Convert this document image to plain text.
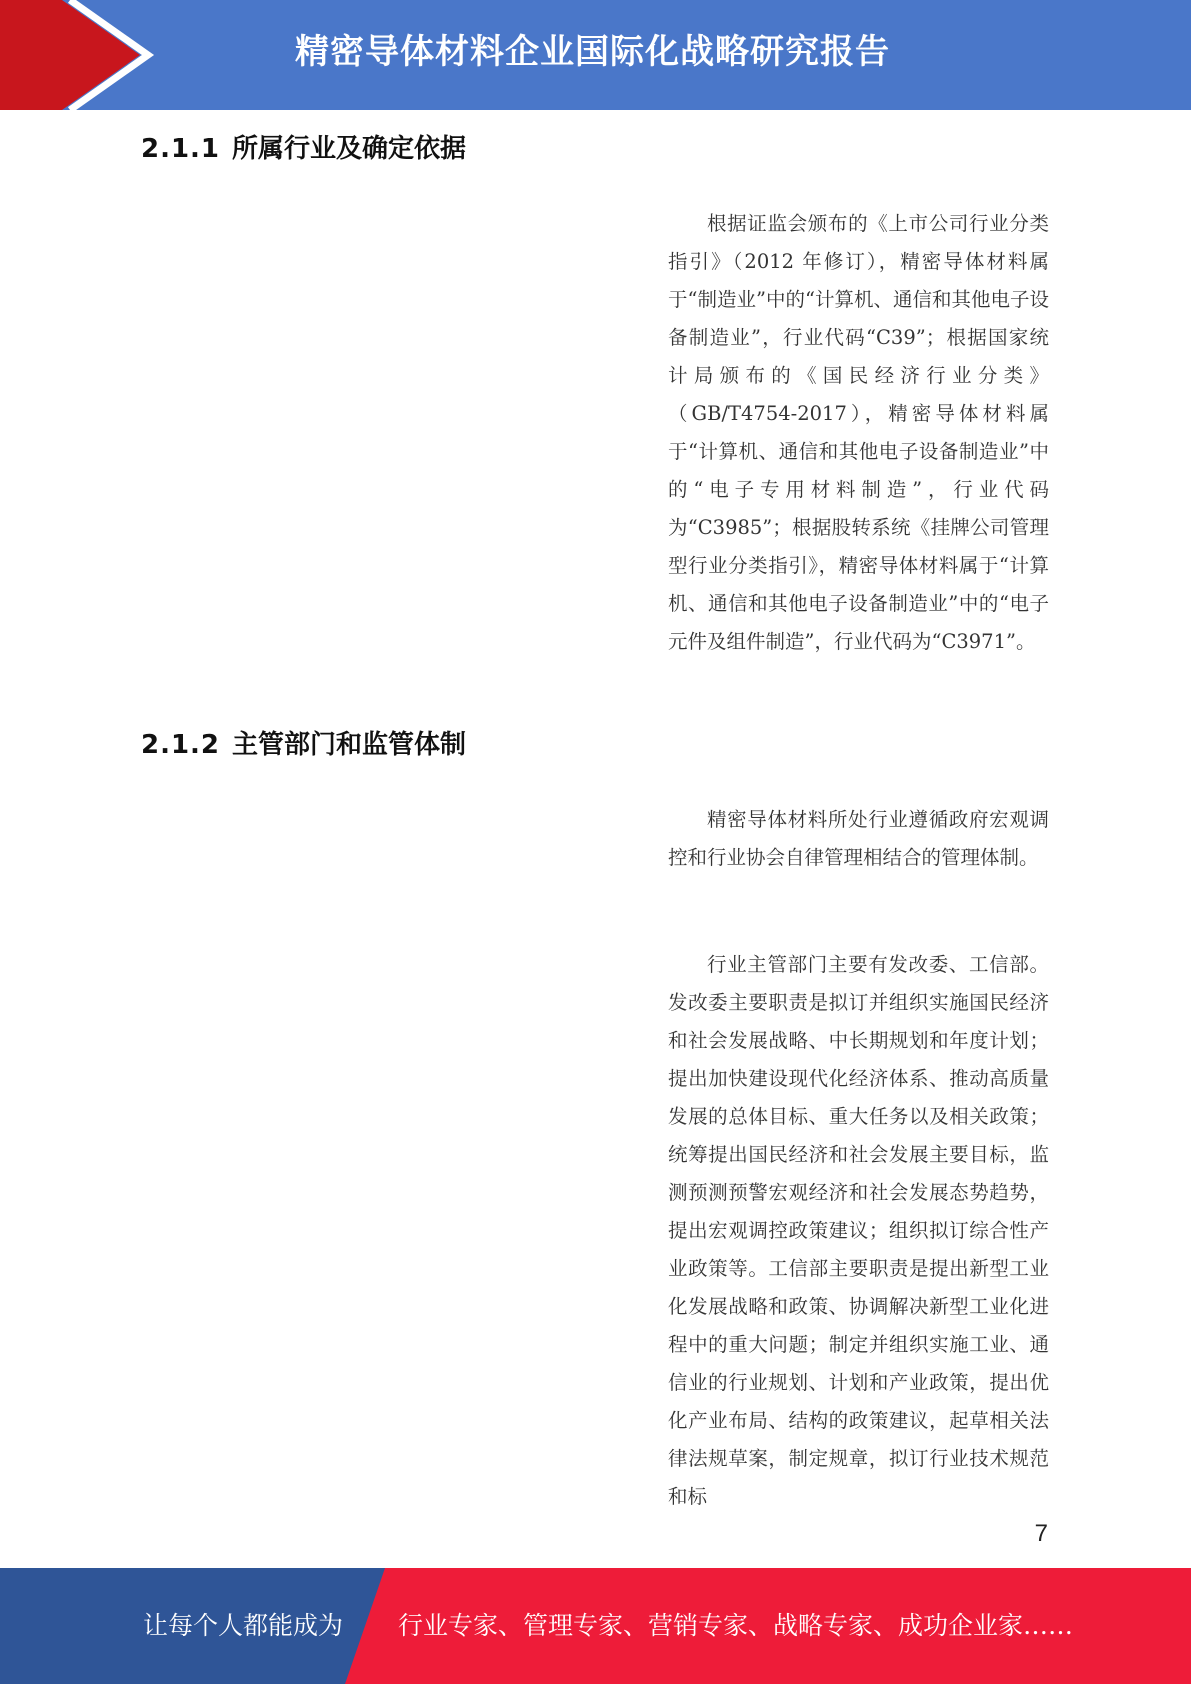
精密导体材料企业国际化战略研究报告
2.1.1 所属行业及确定依据

根据证监会颁布的《上市公司行业分类指引》（2012 年修订），精密导体材料属于“制造业”中的“计算机、通信和其他电子设备制造业”，行业代码“C39”；根据国家统计局颁布的《国民经济行业分类》（GB/T4754-2017），精密导体材料属于“计算机、通信和其他电子设备制造业”中的“电子专用材料制造”，行业代码为“C3985”；根据股转系统《挂牌公司管理型行业分类指引》，精密导体材料属于“计算机、通信和其他电子设备制造业”中的“电子元件及组件制造”，行业代码为“C3971”。

2.1.2 主管部门和监管体制

精密导体材料所处行业遵循政府宏观调控和行业协会自律管理相结合的管理体制。

行业主管部门主要有发改委、工信部。发改委主要职责是拟订并组织实施国民经济和社会发展战略、中长期规划和年度计划；提出加快建设现代化经济体系、推动高质量发展的总体目标、重大任务以及相关政策；统筹提出国民经济和社会发展主要目标，监测预测预警宏观经济和社会发展态势趋势，提出宏观调控政策建议；组织拟订综合性产业政策等。工信部主要职责是提出新型工业化发展战略和政策、协调解决新型工业化进程中的重大问题；制定并组织实施工业、通信业的行业规划、计划和产业政策，提出优化产业布局、结构的政策建议，起草相关法律法规草案，制定规章，拟订行业技术规范和标

7
让每个人都能成为 行业专家、管理专家、营销专家、战略专家、成功企业家……
